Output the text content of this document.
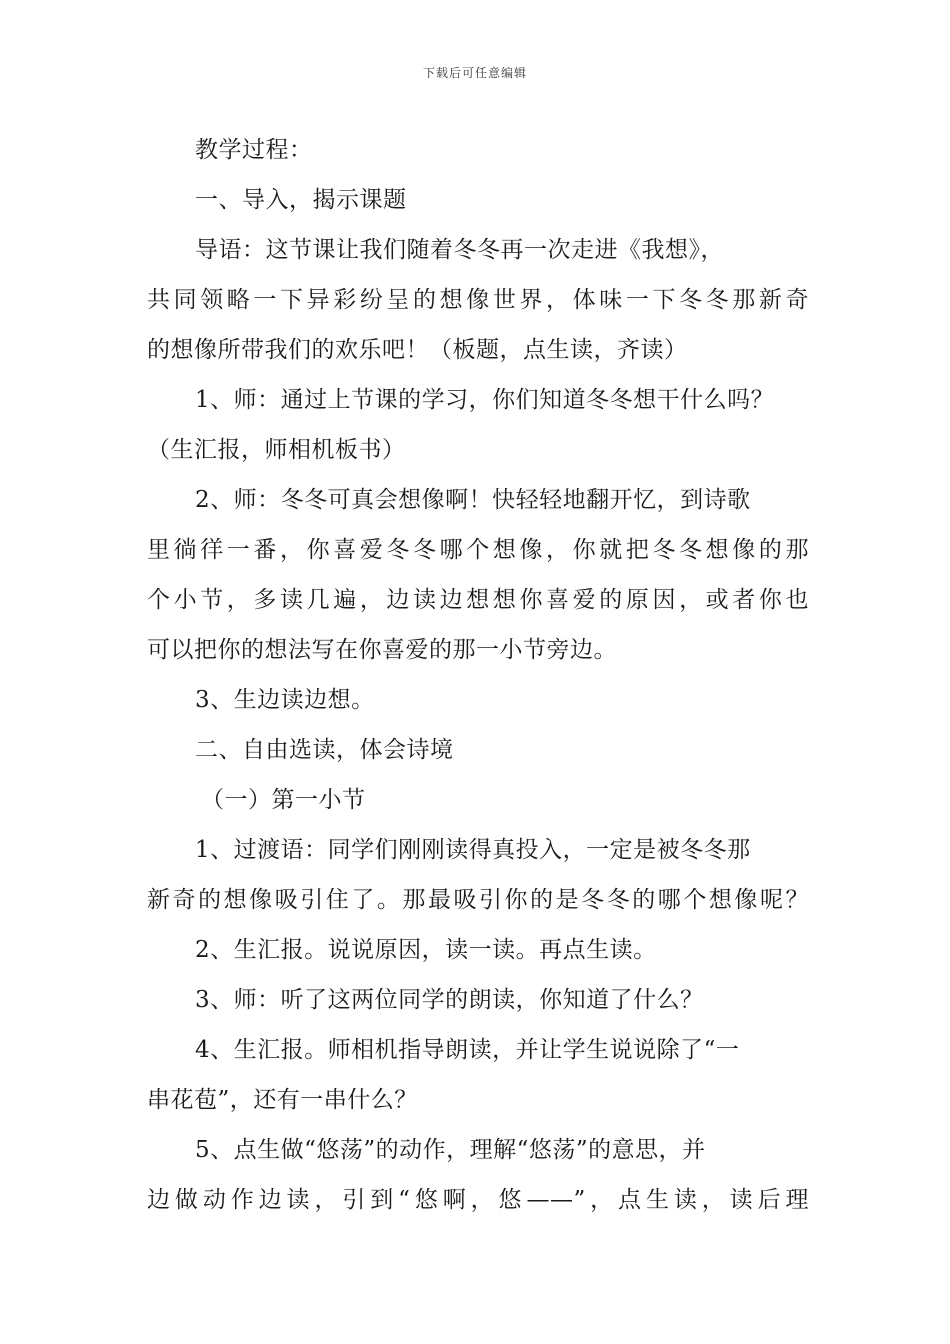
下载后可任意编辑
教学过程：
一、导入，揭示课题
导语：这节课让我们随着冬冬再一次走进《我想》，
共同领略一下异彩纷呈的想像世界，体味一下冬冬那新奇
的想像所带我们的欢乐吧！（板题，点生读，齐读）
1、师：通过上节课的学习，你们知道冬冬想干什么吗？
（生汇报，师相机板书）
2、师：冬冬可真会想像啊！快轻轻地翻开忆，到诗歌
里徜徉一番，你喜爱冬冬哪个想像，你就把冬冬想像的那
个小节，多读几遍，边读边想想你喜爱的原因，或者你也
可以把你的想法写在你喜爱的那一小节旁边。
3、生边读边想。
二、自由选读，体会诗境
（一）第一小节
1、过渡语：同学们刚刚读得真投入，一定是被冬冬那
新奇的想像吸引住了。那最吸引你的是冬冬的哪个想像呢？
2、生汇报。说说原因，读一读。再点生读。
3、师：听了这两位同学的朗读，你知道了什么？
4、生汇报。师相机指导朗读，并让学生说说除了“一
串花苞”，还有一串什么？
5、点生做“悠荡”的动作，理解“悠荡”的意思，并
边做动作边读，引到“悠啊，悠——”，点生读，读后理
